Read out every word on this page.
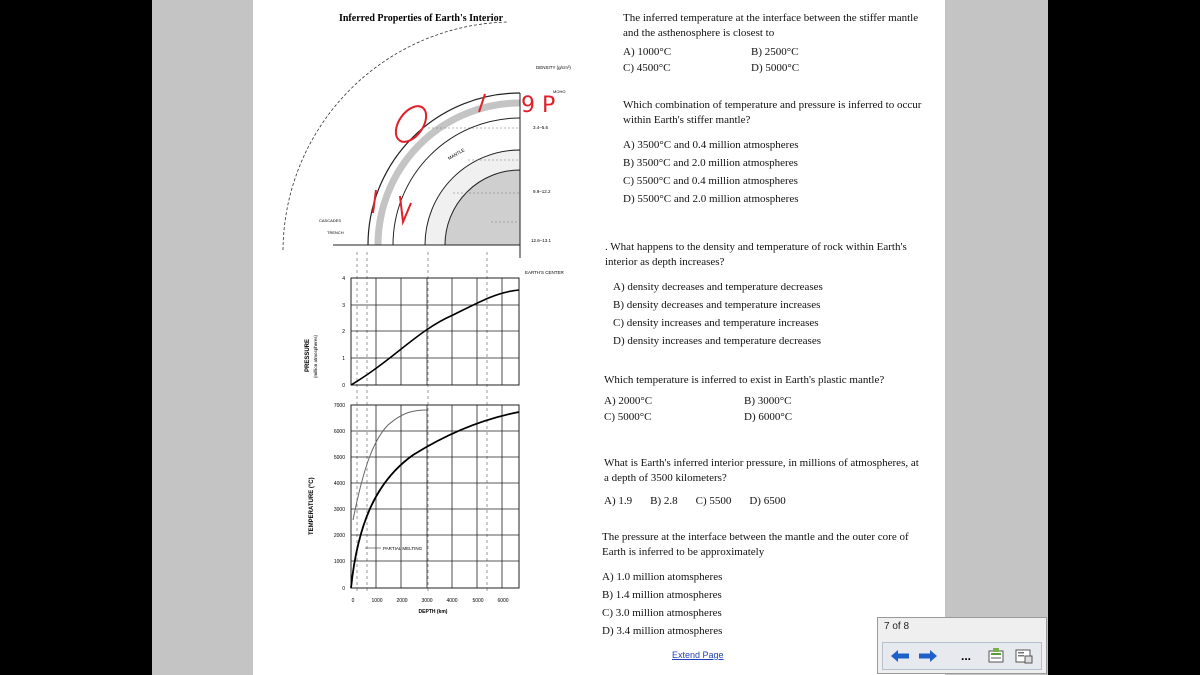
Inferred Properties of Earth's Interior
DENSITY (g/cm³)
MOHO
3.4–5.6
9.9–12.2
12.6–13.1
EARTH'S CENTER
CASCADES
TRENCH
MANTLE
9 P
0
1
2
3
4
PRESSURE (million atmospheres)
0
1000
2000
3000
4000
5000
6000
7000
TEMPERATURE (°C)
PARTIAL MELTING
0	1000	2000	3000	4000	5000	6000
DEPTH (km)
The inferred temperature at the interface between the stiffer mantle and the asthenosphere is closest to
A) 1000°C	B) 2500°C
C) 4500°C	D) 5000°C
Which combination of temperature and pressure is inferred to occur within Earth's stiffer mantle?
A) 3500°C and 0.4 million atmospheres
B) 3500°C and 2.0 million atmospheres
C) 5500°C and 0.4 million atmospheres
D) 5500°C and 2.0 million atmospheres
. What happens to the density and temperature of rock within Earth's interior as depth increases?
A) density decreases and temperature decreases
B) density decreases and temperature increases
C) density increases and temperature increases
D) density increases and temperature decreases
Which temperature is inferred to exist in Earth's plastic mantle?
A) 2000°C	B) 3000°C
C) 5000°C	D) 6000°C
What is Earth's inferred interior pressure, in millions of atmospheres, at a depth of 3500 kilometers?
A) 1.9 B) 2.8 C) 5500 D) 6500
The pressure at the interface between the mantle and the outer core of Earth is inferred to be approximately
A) 1.0 million atomspheres
B) 1.4 million atmospheres
C) 3.0 million atmospheres
D) 3.4 million atmospheres
Extend Page
7 of 8
...
